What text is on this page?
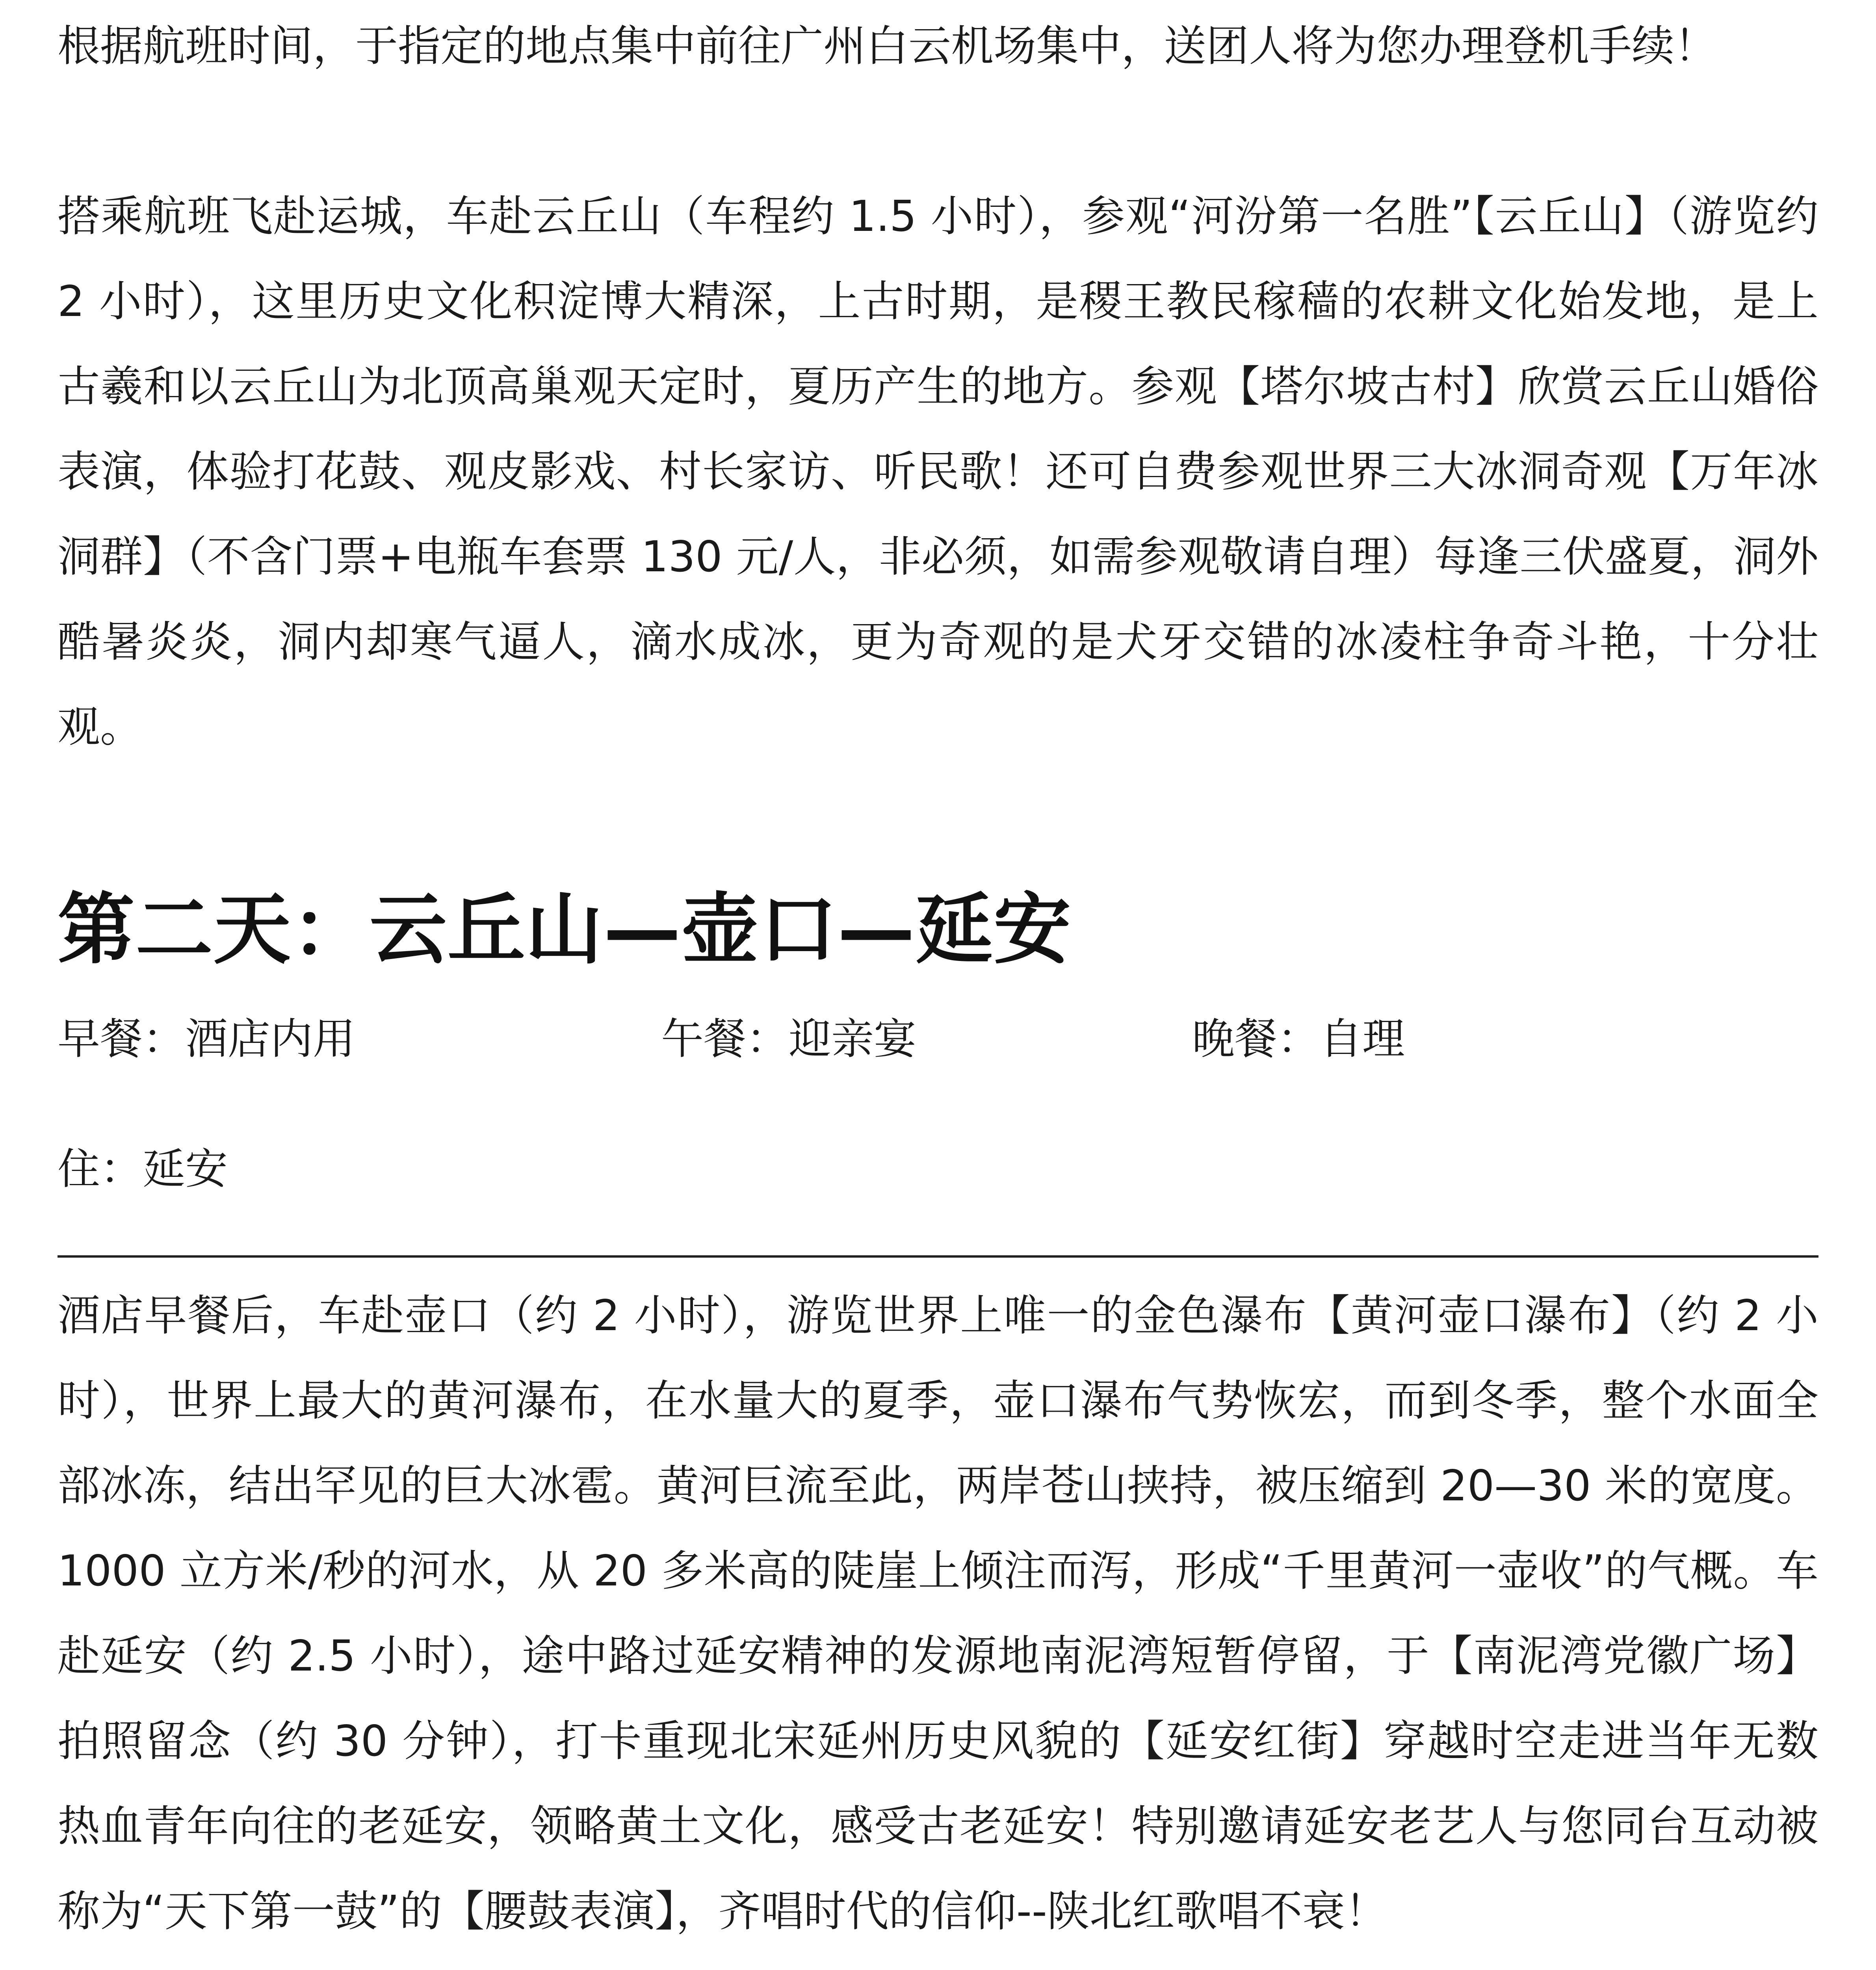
根据航班时间，于指定的地点集中前往广州白云机场集中，送团人将为您办理登机手续！

搭乘航班飞赴运城，车赴云丘山（车程约 1.5 小时），参观“河汾第一名胜”【云丘山】（游览约 2 小时），这里历史文化积淀博大精深，上古时期，是稷王教民稼穑的农耕文化始发地，是上古羲和以云丘山为北顶高巢观天定时，夏历产生的地方。参观【塔尔坡古村】欣赏云丘山婚俗表演，体验打花鼓、观皮影戏、村长家访、听民歌！还可自费参观世界三大冰洞奇观【万年冰洞群】（不含门票+电瓶车套票 130 元/人，非必须，如需参观敬请自理）每逢三伏盛夏，洞外酷暑炎炎，洞内却寒气逼人，滴水成冰，更为奇观的是犬牙交错的冰凌柱争奇斗艳，十分壮观。

第二天：云丘山—壶口—延安
早餐：酒店内用	午餐：迎亲宴	晚餐：自理

住：延安

酒店早餐后，车赴壶口（约 2 小时），游览世界上唯一的金色瀑布【黄河壶口瀑布】（约 2 小时），世界上最大的黄河瀑布，在水量大的夏季，壶口瀑布气势恢宏，而到冬季，整个水面全部冰冻，结出罕见的巨大冰雹。黄河巨流至此，两岸苍山挟持，被压缩到 20—30 米的宽度。1000 立方米/秒的河水，从 20 多米高的陡崖上倾注而泻，形成“千里黄河一壶收”的气概。车赴延安（约 2.5 小时），途中路过延安精神的发源地南泥湾短暂停留，于【南泥湾党徽广场】拍照留念（约 30 分钟），打卡重现北宋延州历史风貌的【延安红街】穿越时空走进当年无数热血青年向往的老延安，领略黄土文化，感受古老延安！特别邀请延安老艺人与您同台互动被称为“天下第一鼓”的【腰鼓表演】，齐唱时代的信仰--陕北红歌唱不衰！
